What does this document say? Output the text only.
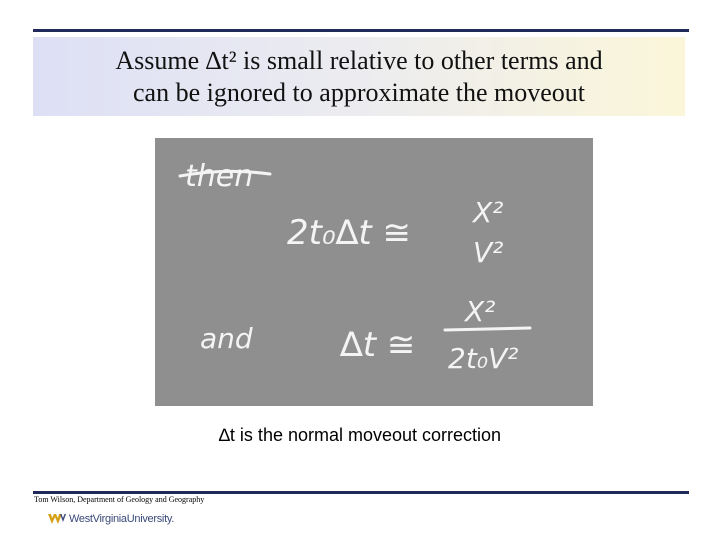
Assume ∆t² is small relative to other terms and
can be ignored to approximate the moveout
then
2t₀∆t ≅
X²
V²
and	∆t ≅
X²
2t₀V²
∆t is the normal moveout correction
Tom Wilson, Department of Geology and Geography
WestVirginiaUniversity.
